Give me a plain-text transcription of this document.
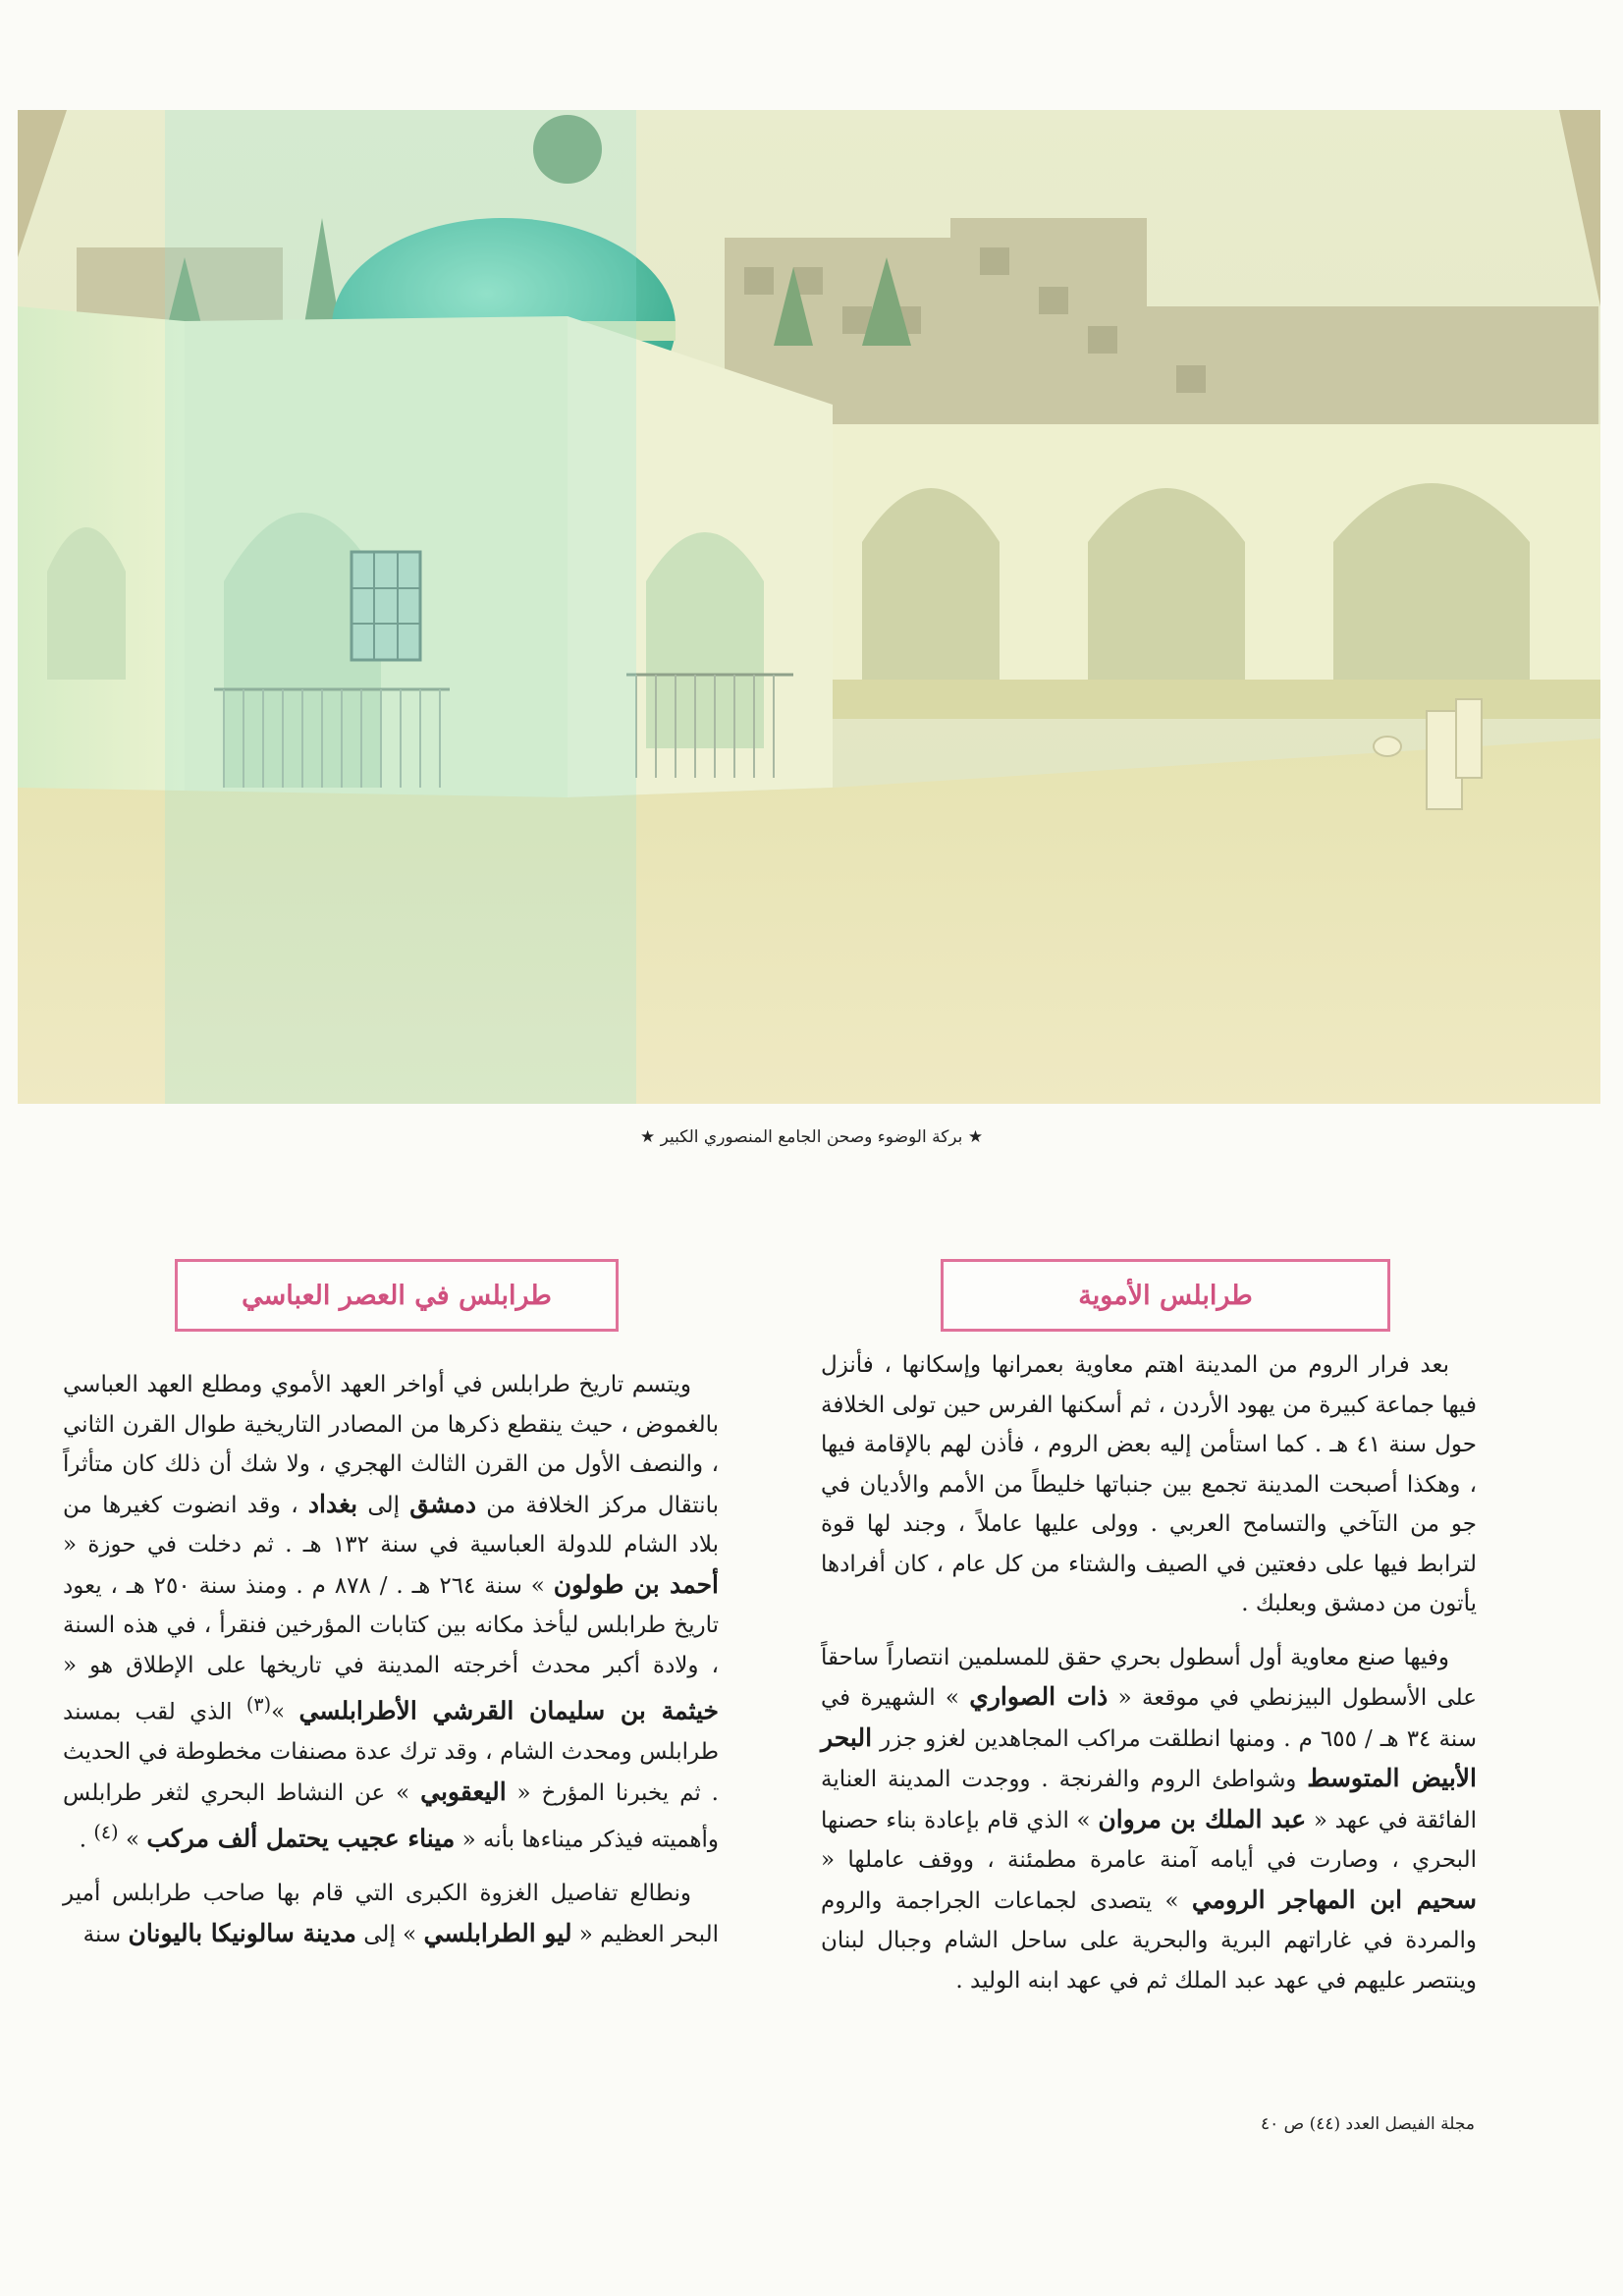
★ بركة الوضوء وصحن الجامع المنصوري الكبير ★
طرابلس الأموية

بعد فرار الروم من المدينة اهتم معاوية بعمرانها وإسكانها ، فأنزل فيها جماعة كبيرة من يهود الأردن ، ثم أسكنها الفرس حين تولى الخلافة حول سنة ٤١ هـ . كما استأمن إليه بعض الروم ، فأذن لهم بالإقامة فيها ، وهكذا أصبحت المدينة تجمع بين جنباتها خليطاً من الأمم والأديان في جو من التآخي والتسامح العربي . وولى عليها عاملاً ، وجند لها قوة لترابط فيها على دفعتين في الصيف والشتاء من كل عام ، كان أفرادها يأتون من دمشق وبعلبك .

وفيها صنع معاوية أول أسطول بحري حقق للمسلمين انتصاراً ساحقاً على الأسطول البيزنطي في موقعة « ذات الصواري » الشهيرة في سنة ٣٤ هـ / ٦٥٥ م . ومنها انطلقت مراكب المجاهدين لغزو جزر البحر الأبيض المتوسط وشواطئ الروم والفرنجة . ووجدت المدينة العناية الفائقة في عهد « عبد الملك بن مروان » الذي قام بإعادة بناء حصنها البحري ، وصارت في أيامه آمنة عامرة مطمئنة ، ووقف عاملها « سحيم ابن المهاجر الرومي » يتصدى لجماعات الجراجمة والروم والمردة في غاراتهم البرية والبحرية على ساحل الشام وجبال لبنان وينتصر عليهم في عهد عبد الملك ثم في عهد ابنه الوليد .

طرابلس في العصر العباسي

ويتسم تاريخ طرابلس في أواخر العهد الأموي ومطلع العهد العباسي بالغموض ، حيث ينقطع ذكرها من المصادر التاريخية طوال القرن الثاني ، والنصف الأول من القرن الثالث الهجري ، ولا شك أن ذلك كان متأثراً بانتقال مركز الخلافة من دمشق إلى بغداد ، وقد انضوت كغيرها من بلاد الشام للدولة العباسية في سنة ١٣٢ هـ . ثم دخلت في حوزة « أحمد بن طولون » سنة ٢٦٤ هـ . / ٨٧٨ م . ومنذ سنة ٢٥٠ هـ ، يعود تاريخ طرابلس ليأخذ مكانه بين كتابات المؤرخين فنقرأ ، في هذه السنة ، ولادة أكبر محدث أخرجته المدينة في تاريخها على الإطلاق هو « خيثمة بن سليمان القرشي الأطرابلسي »$^{(٣)}$ الذي لقب بمسند طرابلس ومحدث الشام ، وقد ترك عدة مصنفات مخطوطة في الحديث . ثم يخبرنا المؤرخ « اليعقوبي » عن النشاط البحري لثغر طرابلس وأهميته فيذكر ميناءها بأنه « ميناء عجيب يحتمل ألف مركب » $^{(٤)}$ .

ونطالع تفاصيل الغزوة الكبرى التي قام بها صاحب طرابلس أمير البحر العظيم « ليو الطرابلسي » إلى مدينة سالونيكا باليونان سنة

مجلة الفيصل العدد (٤٤) ص ٤٠
